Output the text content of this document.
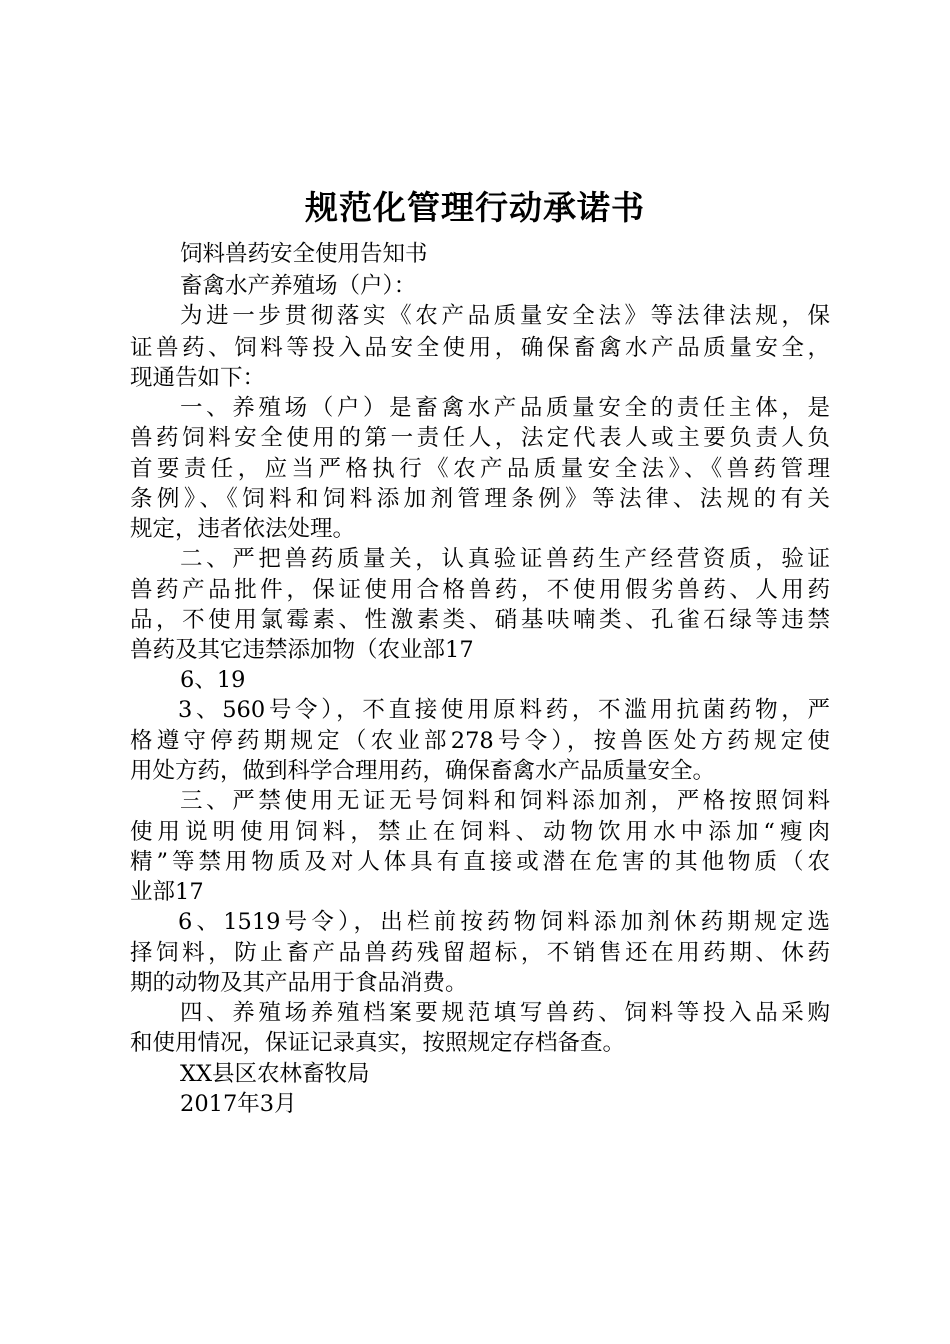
规范化管理行动承诺书
饲料兽药安全使用告知书
畜禽水产养殖场（户）：
为进一步贯彻落实《农产品质量安全法》等法律法规，保
证兽药、饲料等投入品安全使用，确保畜禽水产品质量安全，
现通告如下：
一、养殖场（户）是畜禽水产品质量安全的责任主体，是
兽药饲料安全使用的第一责任人，法定代表人或主要负责人负
首要责任，应当严格执行《农产品质量安全法》、《兽药管理
条例》、《饲料和饲料添加剂管理条例》等法律、法规的有关
规定，违者依法处理。
二、严把兽药质量关，认真验证兽药生产经营资质，验证
兽药产品批件，保证使用合格兽药，不使用假劣兽药、人用药
品，不使用氯霉素、性激素类、硝基呋喃类、孔雀石绿等违禁
兽药及其它违禁添加物（农业部17
6、19
3、560号令），不直接使用原料药，不滥用抗菌药物，严
格遵守停药期规定（农业部278号令），按兽医处方药规定使
用处方药，做到科学合理用药，确保畜禽水产品质量安全。
三、严禁使用无证无号饲料和饲料添加剂，严格按照饲料
使用说明使用饲料，禁止在饲料、动物饮用水中添加“瘦肉
精”等禁用物质及对人体具有直接或潜在危害的其他物质（农
业部17
6、1519号令），出栏前按药物饲料添加剂休药期规定选
择饲料，防止畜产品兽药残留超标，不销售还在用药期、休药
期的动物及其产品用于食品消费。
四、养殖场养殖档案要规范填写兽药、饲料等投入品采购
和使用情况，保证记录真实，按照规定存档备查。
XX县区农林畜牧局
2017年3月
